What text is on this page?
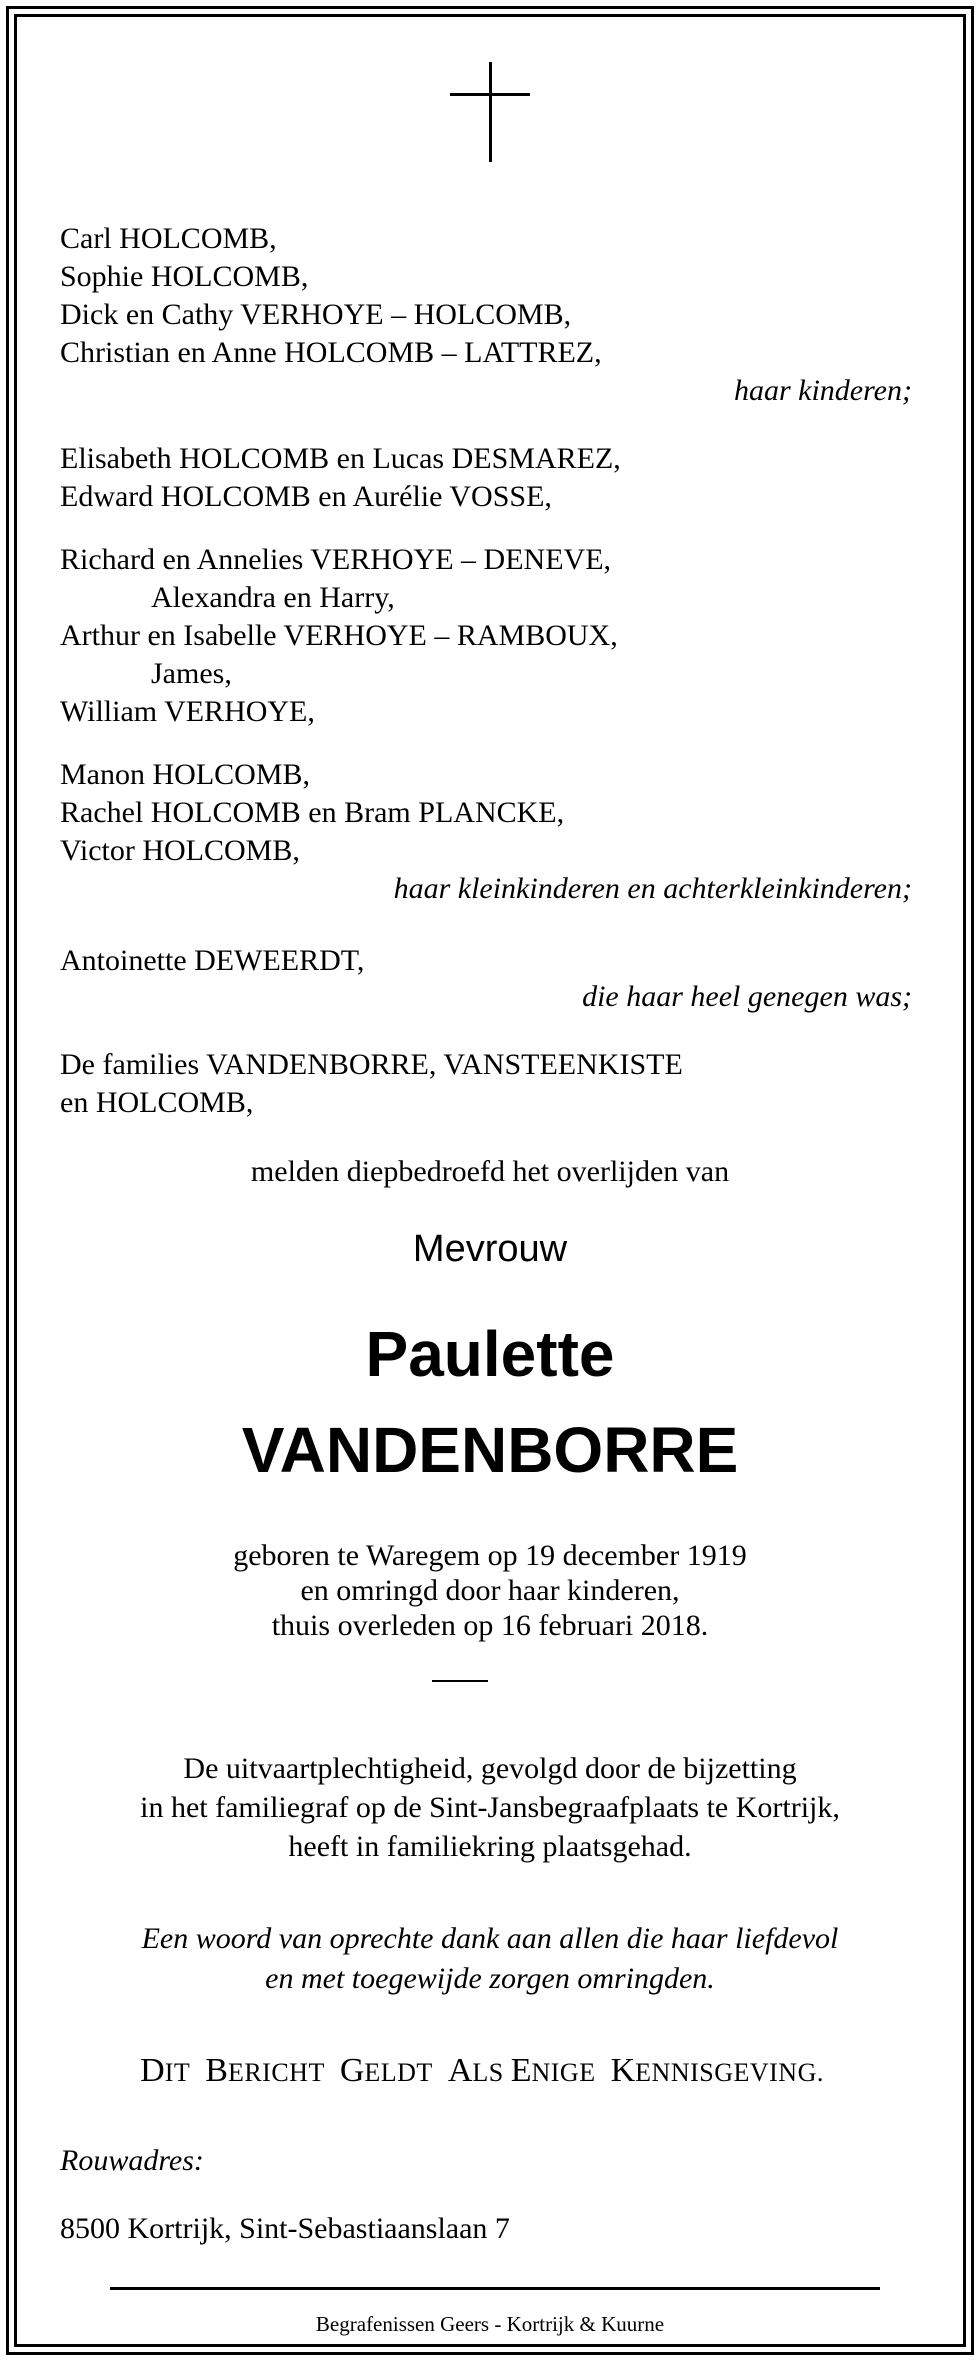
Carl HOLCOMB,
Sophie HOLCOMB,
Dick en Cathy VERHOYE – HOLCOMB,
Christian en Anne HOLCOMB – LATTREZ,
haar kinderen;
Elisabeth HOLCOMB en Lucas DESMAREZ,
Edward HOLCOMB en Aurélie VOSSE,
Richard en Annelies VERHOYE – DENEVE,
Alexandra en Harry,
Arthur en Isabelle VERHOYE – RAMBOUX,
James,
William VERHOYE,
Manon HOLCOMB,
Rachel HOLCOMB en Bram PLANCKE,
Victor HOLCOMB,
haar kleinkinderen en achterkleinkinderen;
Antoinette DEWEERDT,
die haar heel genegen was;
De families VANDENBORRE, VANSTEENKISTE
en HOLCOMB,
melden diepbedroefd het overlijden van
Mevrouw
Paulette
VANDENBORRE
geboren te Waregem op 19 december 1919
en omringd door haar kinderen,
thuis overleden op 16 februari 2018.
De uitvaartplechtigheid, gevolgd door de bijzetting
in het familiegraf op de Sint-Jansbegraafplaats te Kortrijk,
heeft in familiekring plaatsgehad.
Een woord van oprechte dank aan allen die haar liefdevol
en met toegewijde zorgen omringden.
DIT BERICHT GELDT ALS ENIGE KENNISGEVING.
Rouwadres:
8500 Kortrijk, Sint-Sebastiaanslaan 7
Begrafenissen Geers - Kortrijk & Kuurne
